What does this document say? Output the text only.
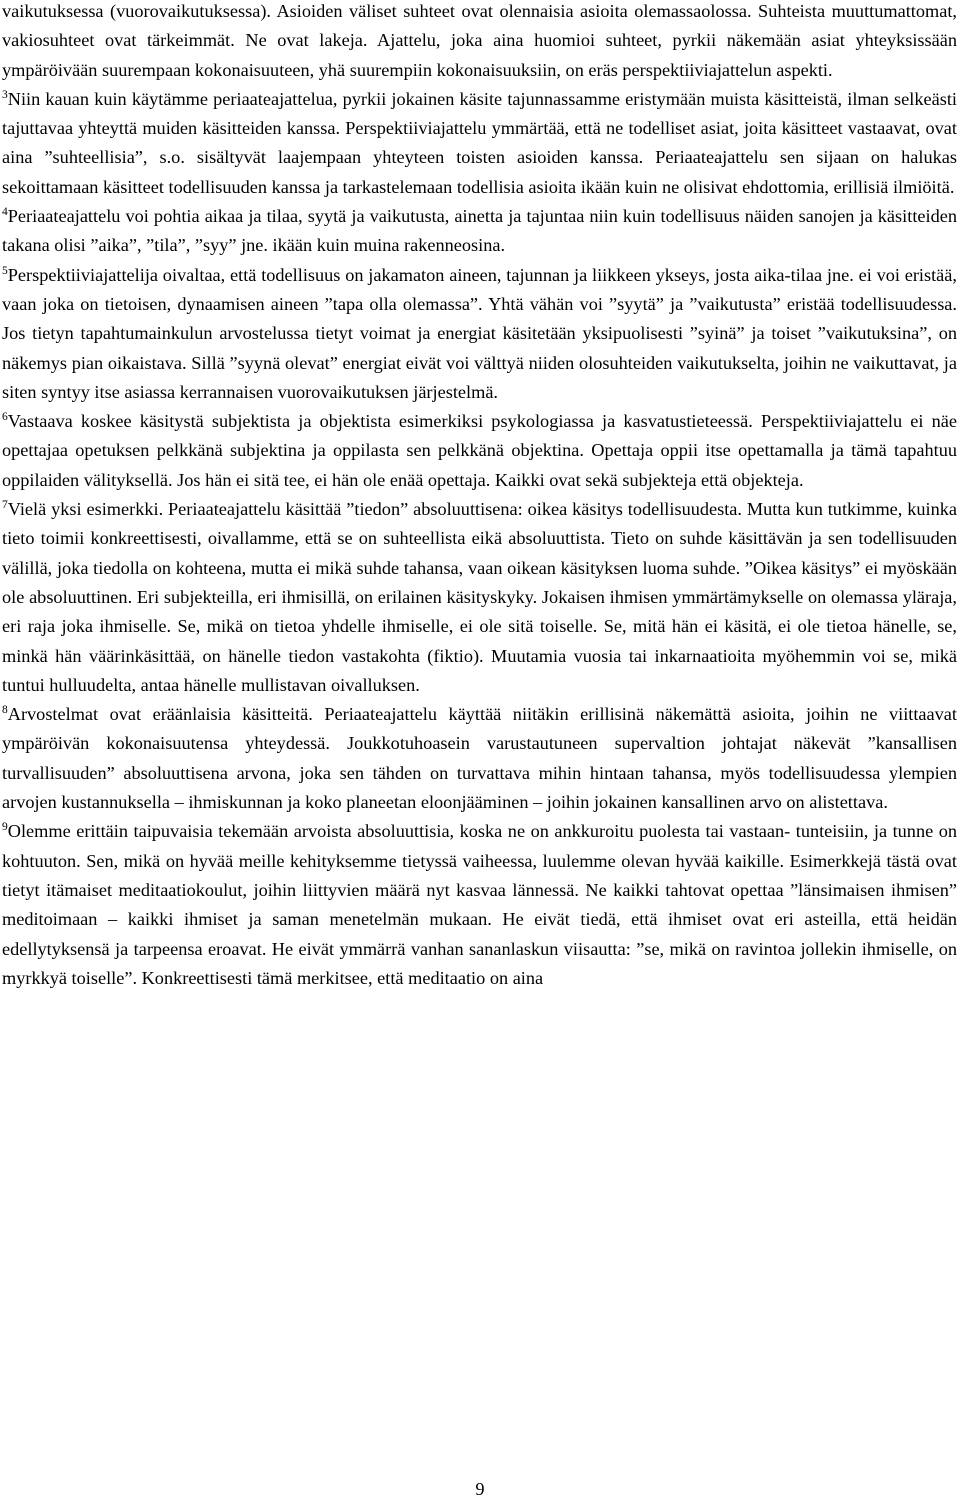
vaikutuksessa (vuorovaikutuksessa). Asioiden väliset suhteet ovat olennaisia asioita olemassaolossa. Suhteista muuttumattomat, vakiosuhteet ovat tärkeimmät. Ne ovat lakeja. Ajattelu, joka aina huomioi suhteet, pyrkii näkemään asiat yhteyksissään ympäröivään suurempaan kokonaisuuteen, yhä suurempiin kokonaisuuksiin, on eräs perspektiiviajattelun aspekti.

$^3$Niin kauan kuin käytämme periaateajattelua, pyrkii jokainen käsite tajunnassamme eristymään muista käsitteistä, ilman selkeästi tajuttavaa yhteyttä muiden käsitteiden kanssa. Perspektiiviajattelu ymmärtää, että ne todelliset asiat, joita käsitteet vastaavat, ovat aina ”suhteellisia”, s.o. sisältyvät laajempaan yhteyteen toisten asioiden kanssa. Periaateajattelu sen sijaan on halukas sekoittamaan käsitteet todellisuuden kanssa ja tarkastelemaan todellisia asioita ikään kuin ne olisivat ehdottomia, erillisiä ilmiöitä.

$^4$Periaateajattelu voi pohtia aikaa ja tilaa, syytä ja vaikutusta, ainetta ja tajuntaa niin kuin todellisuus näiden sanojen ja käsitteiden takana olisi ”aika”, ”tila”, ”syy” jne. ikään kuin muina rakenneosina.

$^5$Perspektiiviajattelija oivaltaa, että todellisuus on jakamaton aineen, tajunnan ja liikkeen ykseys, josta aika-tilaa jne. ei voi eristää, vaan joka on tietoisen, dynaamisen aineen ”tapa olla olemassa”. Yhtä vähän voi ”syytä” ja ”vaikutusta” eristää todellisuudessa. Jos tietyn tapahtumainkulun arvostelussa tietyt voimat ja energiat käsitetään yksipuolisesti ”syinä” ja toiset ”vaikutuksina”, on näkemys pian oikaistava. Sillä ”syynä olevat” energiat eivät voi välttyä niiden olosuhteiden vaikutukselta, joihin ne vaikuttavat, ja siten syntyy itse asiassa kerrannaisen vuorovaikutuksen järjestelmä.

$^6$Vastaava koskee käsitystä subjektista ja objektista esimerkiksi psykologiassa ja kasvatustieteessä. Perspektiiviajattelu ei näe opettajaa opetuksen pelkkänä subjektina ja oppilasta sen pelkkänä objektina. Opettaja oppii itse opettamalla ja tämä tapahtuu oppilaiden välityksellä. Jos hän ei sitä tee, ei hän ole enää opettaja. Kaikki ovat sekä subjekteja että objekteja.

$^7$Vielä yksi esimerkki. Periaateajattelu käsittää ”tiedon” absoluuttisena: oikea käsitys todellisuudesta. Mutta kun tutkimme, kuinka tieto toimii konkreettisesti, oivallamme, että se on suhteellista eikä absoluuttista. Tieto on suhde käsittävän ja sen todellisuuden välillä, joka tiedolla on kohteena, mutta ei mikä suhde tahansa, vaan oikean käsityksen luoma suhde. ”Oikea käsitys” ei myöskään ole absoluuttinen. Eri subjekteilla, eri ihmisillä, on erilainen käsityskyky. Jokaisen ihmisen ymmärtämykselle on olemassa yläraja, eri raja joka ihmiselle. Se, mikä on tietoa yhdelle ihmiselle, ei ole sitä toiselle. Se, mitä hän ei käsitä, ei ole tietoa hänelle, se, minkä hän väärinkäsittää, on hänelle tiedon vastakohta (fiktio). Muutamia vuosia tai inkarnaatioita myöhemmin voi se, mikä tuntui hulluudelta, antaa hänelle mullistavan oivalluksen.

$^8$Arvostelmat ovat eräänlaisia käsitteitä. Periaateajattelu käyttää niitäkin erillisinä näkemättä asioita, joihin ne viittaavat ympäröivän kokonaisuutensa yhteydessä. Joukkotuhoasein varustautuneen supervaltion johtajat näkevät ”kansallisen turvallisuuden” absoluuttisena arvona, joka sen tähden on turvattava mihin hintaan tahansa, myös todellisuudessa ylempien arvojen kustannuksella – ihmiskunnan ja koko planeetan eloonjääminen – joihin jokainen kansallinen arvo on alistettava.

$^9$Olemme erittäin taipuvaisia tekemään arvoista absoluuttisia, koska ne on ankkuroitu puolesta tai vastaan- tunteisiin, ja tunne on kohtuuton. Sen, mikä on hyvää meille kehityksemme tietyssä vaiheessa, luulemme olevan hyvää kaikille. Esimerkkejä tästä ovat tietyt itämaiset meditaatiokoulut, joihin liittyvien määrä nyt kasvaa lännessä. Ne kaikki tahtovat opettaa ”länsimaisen ihmisen” meditoimaan – kaikki ihmiset ja saman menetelmän mukaan. He eivät tiedä, että ihmiset ovat eri asteilla, että heidän edellytyksensä ja tarpeensa eroavat. He eivät ymmärrä vanhan sananlaskun viisautta: ”se, mikä on ravintoa jollekin ihmiselle, on myrkkyä toiselle”. Konkreettisesti tämä merkitsee, että meditaatio on aina

9
